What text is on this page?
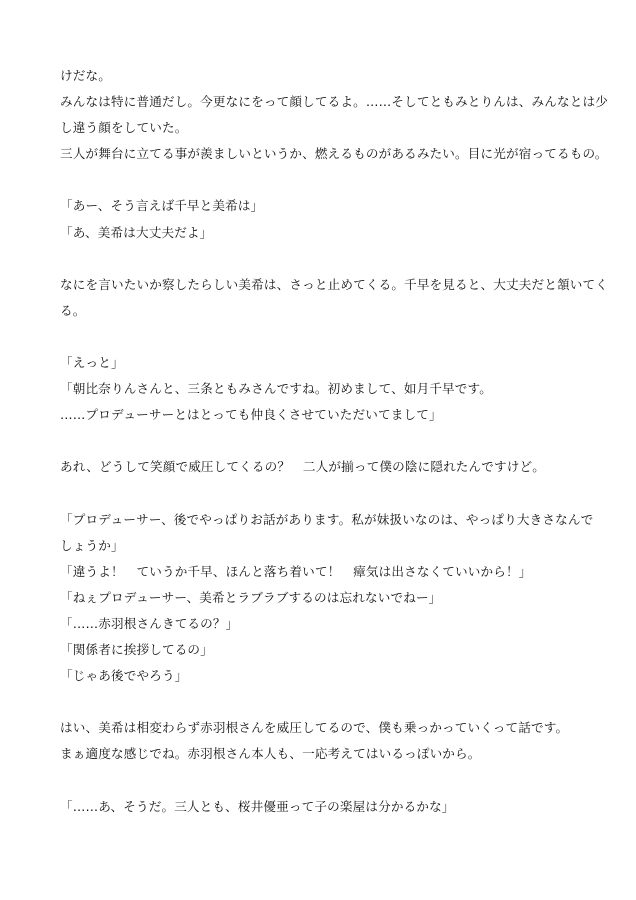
けだな。
みんなは特に普通だし。今更なにをって顔してるよ。……そしてともみとりんは、みんなとは少
し違う顔をしていた。
三人が舞台に立てる事が羨ましいというか、燃えるものがあるみたい。目に光が宿ってるもの。
「あー、そう言えば千早と美希は」
「あ、美希は大丈夫だよ」
なにを言いたいか察したらしい美希は、さっと止めてくる。千早を見ると、大丈夫だと頷いてく
る。
「えっと」
「朝比奈りんさんと、三条ともみさんですね。初めまして、如月千早です。
……プロデューサーとはとっても仲良くさせていただいてまして」
あれ、どうして笑顔で威圧してくるの？　二人が揃って僕の陰に隠れたんですけど。
「プロデューサー、後でやっぱりお話があります。私が妹扱いなのは、やっぱり大きさなんで
しょうか」
「違うよ！　ていうか千早、ほんと落ち着いて！　瘴気は出さなくていいから！」
「ねぇプロデューサー、美希とラブラブするのは忘れないでねー」
「……赤羽根さんきてるの？」
「関係者に挨拶してるの」
「じゃあ後でやろう」
はい、美希は相変わらず赤羽根さんを威圧してるので、僕も乗っかっていくって話です。
まぁ適度な感じでね。赤羽根さん本人も、一応考えてはいるっぽいから。
「……あ、そうだ。三人とも、桜井優亜って子の楽屋は分かるかな」
